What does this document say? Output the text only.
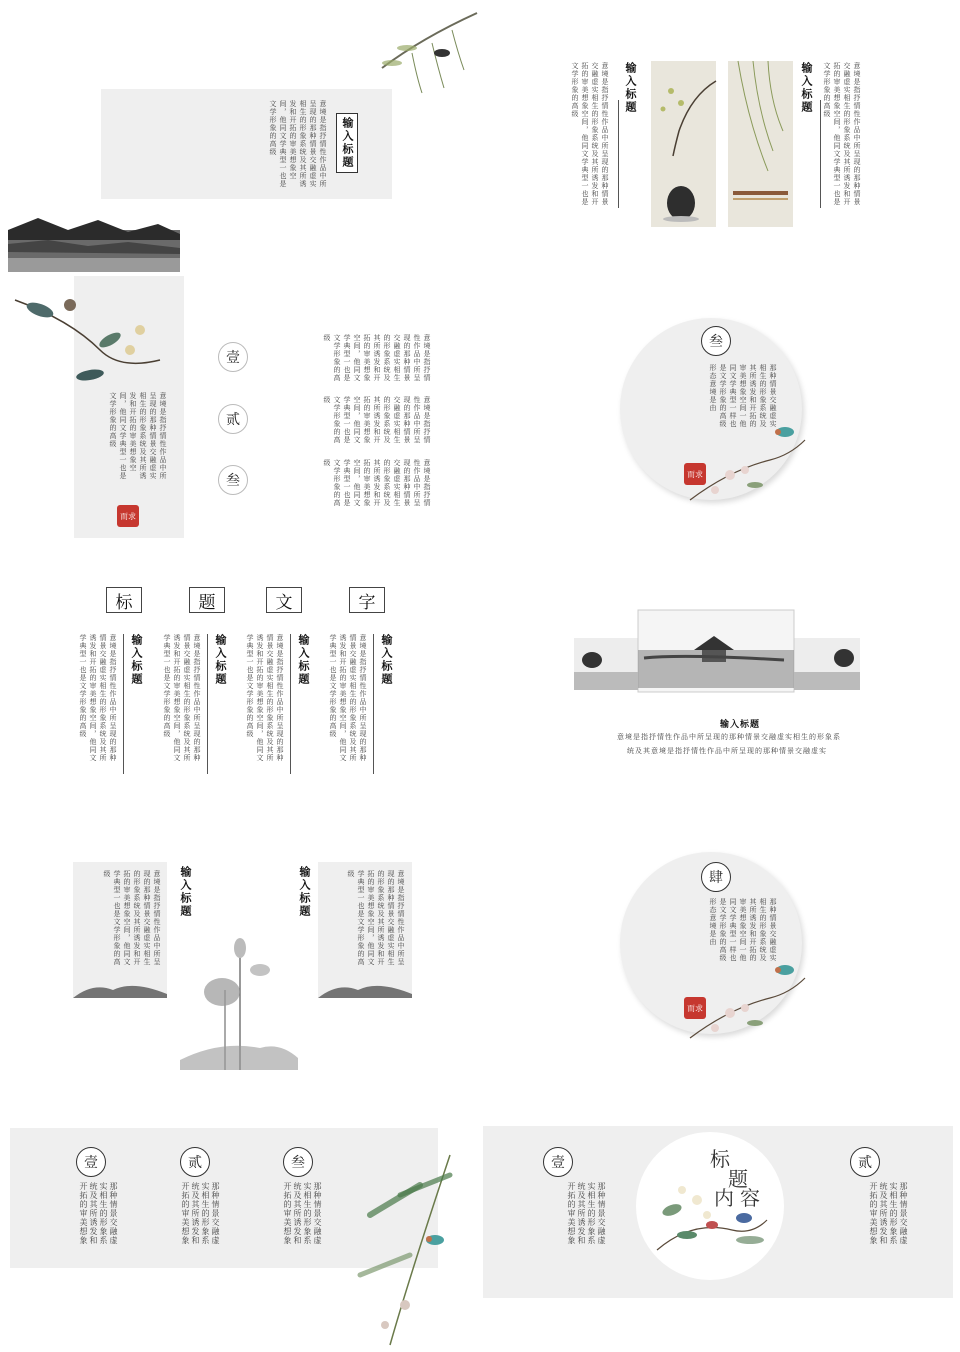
输入标题
意境是指抒情性作品中所呈现的那种情景交融虚实相生的形象系统及其所诱发和开拓的审美想象空间，他同文学典型一也是文学形象的高级	意境是指抒情性作品中所呈现的那种情景交融虚实相生的形象系统及其所诱发和开拓的审美想象空间，他同文学典型一也是文学形象的高级	输入标题	输入标题	意境是指抒情性作品中所呈现的那种情景交融虚实相生的形象系统及其所诱发和开拓的审美想象空间，他同文学典型一也是文学形象的高级
意境是指抒情性作品中所呈现的那种情景交融虚实相生的形象系统及其所诱发和开拓的审美想象空间，他同文学典型一也是文学形象的高级
而求
壹
贰
叁
意境是指抒情性作品中所呈现的那种情景交融虚实相生的形象系统及其所诱发和开拓的审美想象空间，他同文学典型一也是文学形象的高级
意境是指抒情性作品中所呈现的那种情景交融虚实相生的形象系统及其所诱发和开拓的审美想象空间，他同文学典型一也是文学形象的高级
意境是指抒情性作品中所呈现的那种情景交融虚实相生的形象系统及其所诱发和开拓的审美想象空间，他同文学典型一也是文学形象的高级
叁
那种情景交融虚实相生的形象系统及其所诱发和开拓的审美想象空间一他同文学典型一样也是文学形象的高级形态意境是由
而求
标	题	文	字
意境是指抒情性作品中所呈现的那种情景交融虚实相生的形象系统及其所诱发和开拓的审美想象空间，他同文学典型一也是文学形象的高级	输入标题	意境是指抒情性作品中所呈现的那种情景交融虚实相生的形象系统及其所诱发和开拓的审美想象空间，他同文学典型一也是文学形象的高级	输入标题	意境是指抒情性作品中所呈现的那种情景交融虚实相生的形象系统及其所诱发和开拓的审美想象空间，他同文学典型一也是文学形象的高级	输入标题	意境是指抒情性作品中所呈现的那种情景交融虚实相生的形象系统及其所诱发和开拓的审美想象空间，他同文学典型一也是文学形象的高级	输入标题
输入标题
意境是指抒情性作品中所呈现的那种情景交融虚实相生的形象系
统及其意境是指抒情性作品中所呈现的那种情景交融虚实
意境是指抒情性作品中所呈现的那种情景交融虚实相生的形象系统及其所诱发和开拓的审美想象空间，他同文学典型一也是文学形象的高级	输入标题	输入标题	意境是指抒情性作品中所呈现的那种情景交融虚实相生的形象系统及其所诱发和开拓的审美想象空间，他同文学典型一也是文学形象的高级	肆
那种情景交融虚实相生的形象系统及其所诱发和开拓的审美想象空间一他同文学典型一样也是文学形象的高级形态意境是由
而求
壹	贰	叁
那种情景交融虚实相生的形象系统及其所诱发和开拓的审美想象	那种情景交融虚实相生的形象系统及其所诱发和开拓的审美想象	那种情景交融虚实相生的形象系统及其所诱发和开拓的审美想象
壹	贰
那种情景交融虚实相生的形象系统及其所诱发和开拓的审美想象	那种情景交融虚实相生的形象系统及其所诱发和开拓的审美想象
标
题
内 容
